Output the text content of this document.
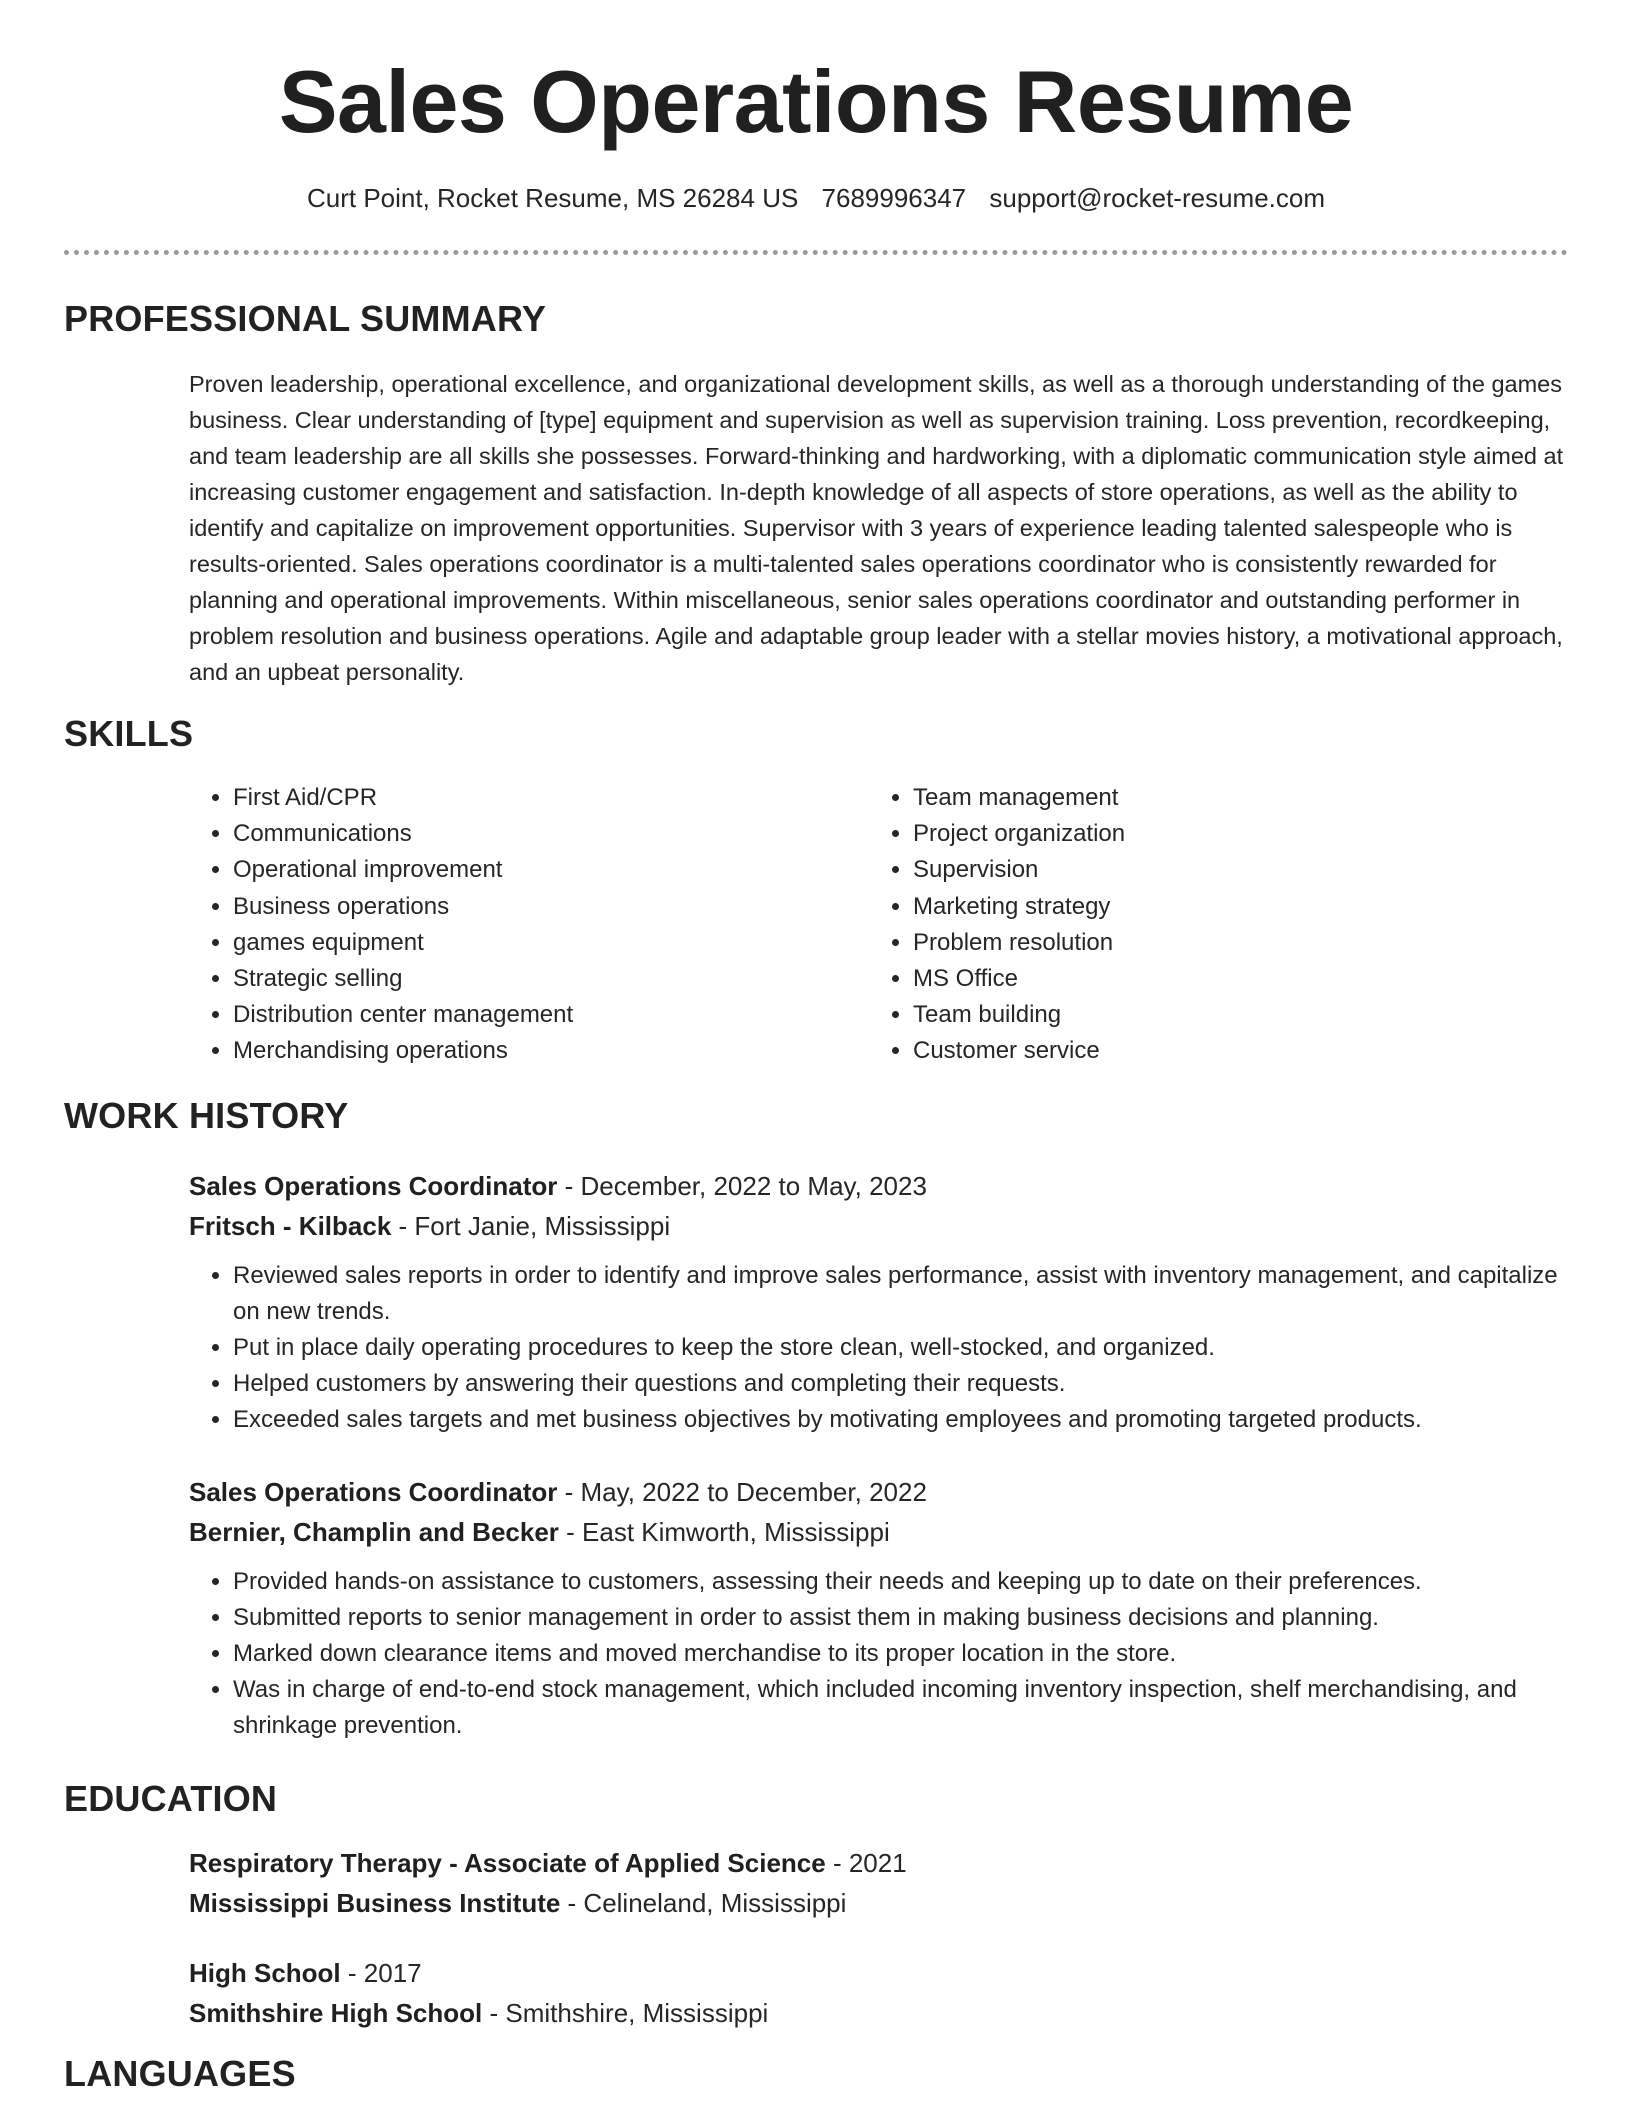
Sales Operations Resume
Curt Point, Rocket Resume, MS 26284 US 7689996347 support@rocket-resume.com
PROFESSIONAL SUMMARY

Proven leadership, operational excellence, and organizational development skills, as well as a thorough understanding of the games business. Clear understanding of [type] equipment and supervision as well as supervision training. Loss prevention, recordkeeping, and team leadership are all skills she possesses. Forward-thinking and hardworking, with a diplomatic communication style aimed at increasing customer engagement and satisfaction. In-depth knowledge of all aspects of store operations, as well as the ability to identify and capitalize on improvement opportunities. Supervisor with 3 years of experience leading talented salespeople who is results-oriented. Sales operations coordinator is a multi-talented sales operations coordinator who is consistently rewarded for planning and operational improvements. Within miscellaneous, senior sales operations coordinator and outstanding performer in problem resolution and business operations. Agile and adaptable group leader with a stellar movies history, a motivational approach, and an upbeat personality.

SKILLS
• First Aid/CPR
• Communications
• Operational improvement
• Business operations
• games equipment
• Strategic selling
• Distribution center management
• Merchandising operations
• Team management
• Project organization
• Supervision
• Marketing strategy
• Problem resolution
• MS Office
• Team building
• Customer service
WORK HISTORY
Sales Operations Coordinator - December, 2022 to May, 2023
Fritsch - Kilback - Fort Janie, Mississippi
• Reviewed sales reports in order to identify and improve sales performance, assist with inventory management, and capitalize on new trends.
• Put in place daily operating procedures to keep the store clean, well-stocked, and organized.
• Helped customers by answering their questions and completing their requests.
• Exceeded sales targets and met business objectives by motivating employees and promoting targeted products.
Sales Operations Coordinator - May, 2022 to December, 2022
Bernier, Champlin and Becker - East Kimworth, Mississippi
• Provided hands-on assistance to customers, assessing their needs and keeping up to date on their preferences.
• Submitted reports to senior management in order to assist them in making business decisions and planning.
• Marked down clearance items and moved merchandise to its proper location in the store.
• Was in charge of end-to-end stock management, which included incoming inventory inspection, shelf merchandising, and shrinkage prevention.
EDUCATION
Respiratory Therapy - Associate of Applied Science - 2021
Mississippi Business Institute - Celineland, Mississippi
High School - 2017
Smithshire High School - Smithshire, Mississippi
LANGUAGES
